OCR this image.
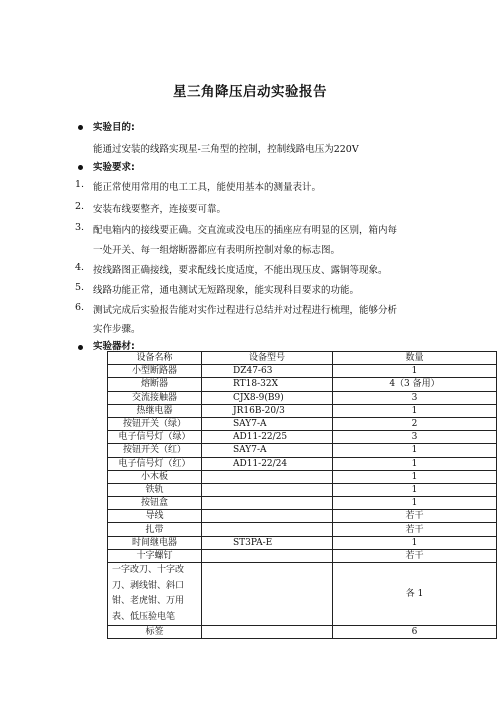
星三角降压启动实验报告
实验目的:
能通过安装的线路实现星-三角型的控制，控制线路电压为220V
实验要求:
1. 能正常使用常用的电工工具，能使用基本的测量表计。
2. 安装布线要整齐，连接要可靠。
3. 配电箱内的接线要正确。交直流或没电压的插座应有明显的区别，箱内每
一处开关、每一组熔断器都应有表明所控制对象的标志图。
4. 按线路图正确接线，要求配线长度适度，不能出现压皮、露铜等现象。
5. 线路功能正常，通电测试无短路现象，能实现科目要求的功能。
6. 测试完成后实验报告能对实作过程进行总结并对过程进行梳理，能够分析
实作步骤。
实验器材:
设备名称	设备型号	数量
小型断路器	DZ47-63	1
熔断器	RT18-32X	4（3 备用）
交流接触器	CJX8-9(B9)	3
热继电器	JR16B-20/3	1
按钮开关（绿）	SAY7-A	2
电子信号灯（绿）	AD11-22/25	3
按钮开关（红）	SAY7-A	1
电子信号灯（红）	AD11-22/24	1
小木板		1
铁轨		1
按钮盒		1
导线		若干
扎带		若干
时间继电器	ST3PA-E	1
十字螺钉		若干
一字改刀、十字改刀、剥线钳、斜口钳、老虎钳、万用表、低压验电笔		各 1
标签		6
